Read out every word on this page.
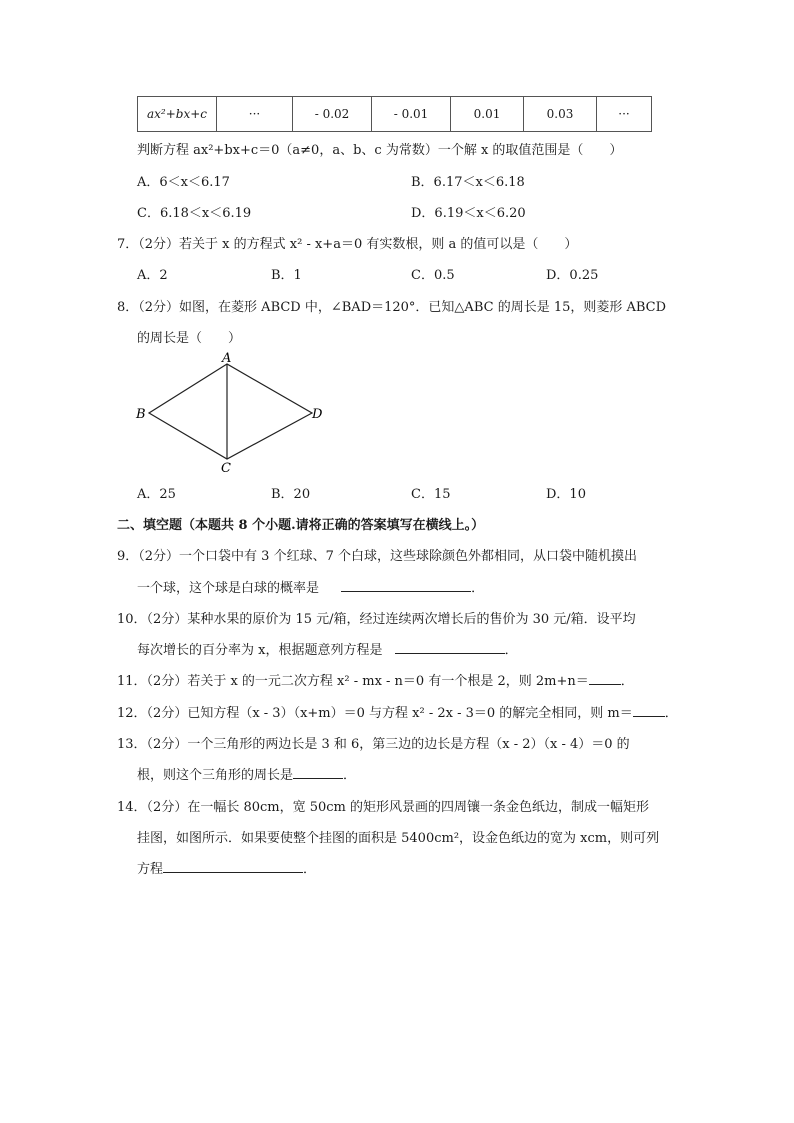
ax²+bx+c	···	- 0.02	- 0.01	0.01	0.03	···
判断方程 ax²+bx+c＝0（a≠0，a、b、c 为常数）一个解 x 的取值范围是（　　）
A．6＜x＜6.17	B．6.17＜x＜6.18
C．6.18＜x＜6.19	D．6.19＜x＜6.20
7．（2分）若关于 x 的方程式 x² - x+a＝0 有实数根，则 a 的值可以是（　　）
A．2	B．1	C．0.5	D．0.25
8．（2分）如图，在菱形 ABCD 中，∠BAD＝120°．已知△ABC 的周长是 15，则菱形 ABCD
的周长是（　　）
A
B
C
D
A．25	B．20	C．15	D．10
二、填空题（本题共 8 个小题.请将正确的答案填写在横线上。）
9．（2分）一个口袋中有 3 个红球、7 个白球，这些球除颜色外都相同，从口袋中随机摸出
一个球，这个球是白球的概率是	．
10．（2分）某种水果的原价为 15 元/箱，经过连续两次增长后的售价为 30 元/箱．设平均
每次增长的百分率为 x，根据题意列方程是	．
11．（2分）若关于 x 的一元二次方程 x² - mx - n＝0 有一个根是 2，则 2m+n＝ ．
12．（2分）已知方程（x - 3）（x+m）＝0 与方程 x² - 2x - 3＝0 的解完全相同，则 m＝ ．
13．（2分）一个三角形的两边长是 3 和 6，第三边的边长是方程（x - 2）（x - 4）＝0 的
根，则这个三角形的周长是	．
14．（2分）在一幅长 80cm，宽 50cm 的矩形风景画的四周镶一条金色纸边，制成一幅矩形
挂图，如图所示．如果要使整个挂图的面积是 5400cm²，设金色纸边的宽为 xcm，则可列
方程	．
